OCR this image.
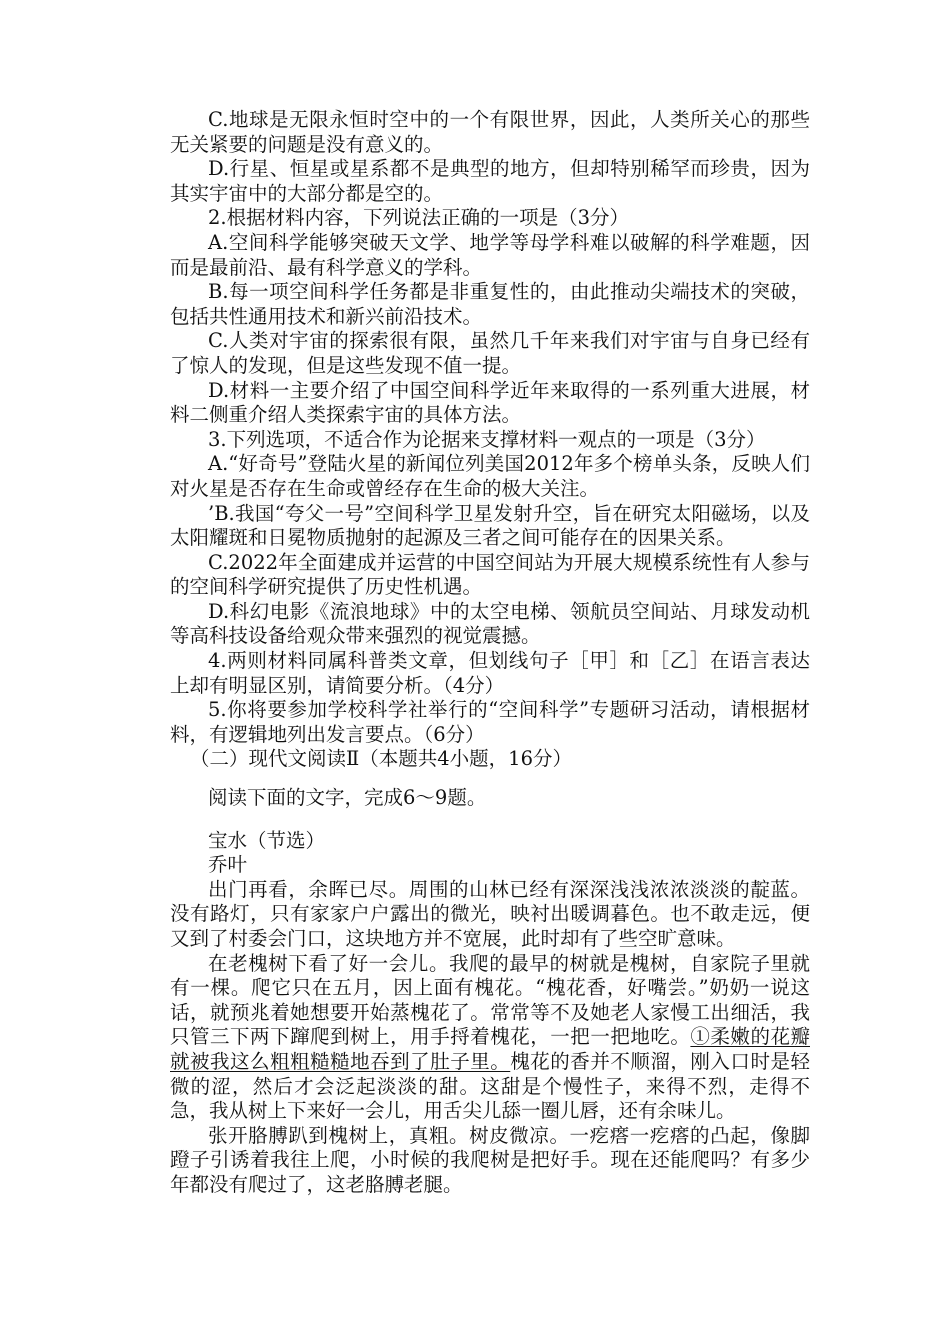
C.地球是无限永恒时空中的一个有限世界，因此，人类所关心的那些无关紧要的问题是没有意义的。

D.行星、恒星或星系都不是典型的地方，但却特别稀罕而珍贵，因为其实宇宙中的大部分都是空的。

2.根据材料内容，下列说法正确的一项是（3分）

A.空间科学能够突破天文学、地学等母学科难以破解的科学难题，因而是最前沿、最有科学意义的学科。

B.每一项空间科学任务都是非重复性的，由此推动尖端技术的突破，包括共性通用技术和新兴前沿技术。

C.人类对宇宙的探索很有限，虽然几千年来我们对宇宙与自身已经有了惊人的发现，但是这些发现不值一提。

D.材料一主要介绍了中国空间科学近年来取得的一系列重大进展，材料二侧重介绍人类探索宇宙的具体方法。

3.下列选项，不适合作为论据来支撑材料一观点的一项是（3分）

A.“好奇号”登陆火星的新闻位列美国2012年多个榜单头条，反映人们对火星是否存在生命或曾经存在生命的极大关注。

’B.我国“夸父一号”空间科学卫星发射升空，旨在研究太阳磁场，以及太阳耀斑和日冕物质抛射的起源及三者之间可能存在的因果关系。

C.2022年全面建成并运营的中国空间站为开展大规模系统性有人参与的空间科学研究提供了历史性机遇。

D.科幻电影《流浪地球》中的太空电梯、领航员空间站、月球发动机等高科技设备给观众带来强烈的视觉震撼。

4.两则材料同属科普类文章，但划线句子［甲］和［乙］在语言表达上却有明显区别，请简要分析。（4分）

5.你将要参加学校科学社举行的“空间科学”专题研习活动，请根据材料，有逻辑地列出发言要点。（6分）

（二）现代文阅读Ⅱ（本题共4小题，16分）

阅读下面的文字，完成6～9题。

宝水（节选）

乔叶

出门再看，余晖已尽。周围的山林已经有深深浅浅浓浓淡淡的靛蓝。没有路灯，只有家家户户露出的微光，映衬出暖调暮色。也不敢走远，便又到了村委会门口，这块地方并不宽展，此时却有了些空旷意味。

在老槐树下看了好一会儿。我爬的最早的树就是槐树，自家院子里就有一棵。爬它只在五月，因上面有槐花。“槐花香，好嘴尝。”奶奶一说这话，就预兆着她想要开始蒸槐花了。常常等不及她老人家慢工出细活，我只管三下两下蹿爬到树上，用手捋着槐花，一把一把地吃。①柔嫩的花瓣就被我这么粗粗糙糙地吞到了肚子里。槐花的香并不顺溜，刚入口时是轻微的涩，然后才会泛起淡淡的甜。这甜是个慢性子，来得不烈，走得不急，我从树上下来好一会儿，用舌尖儿舔一圈儿唇，还有余味儿。

张开胳膊趴到槐树上，真粗。树皮微凉。一疙瘩一疙瘩的凸起，像脚蹬子引诱着我往上爬，小时候的我爬树是把好手。现在还能爬吗？有多少年都没有爬过了，这老胳膊老腿。
